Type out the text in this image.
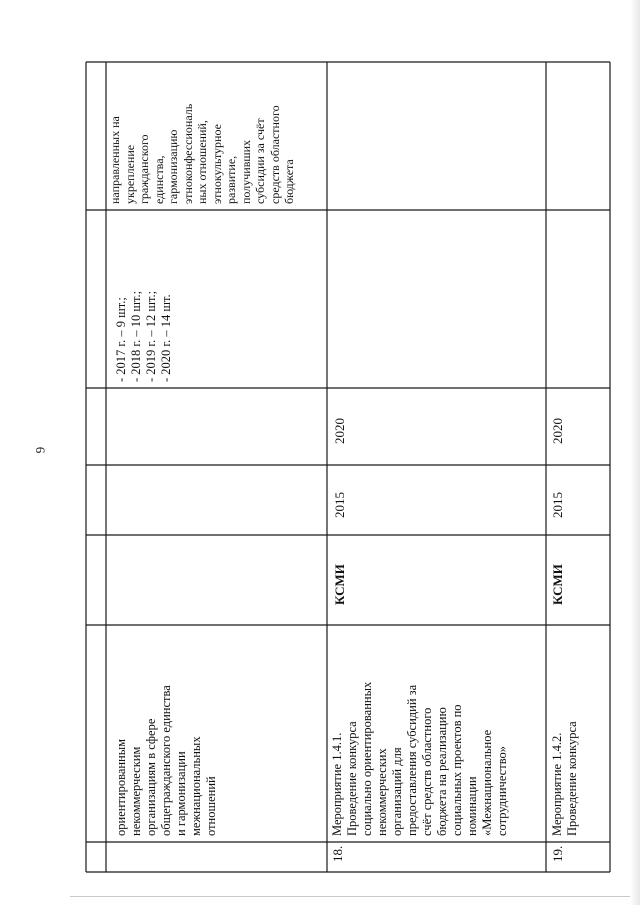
6
ориентированным некоммерческим организациям в сфере общегражданского единства и гармонизации межнациональных отношений
- 2017 г. – 9 шт.; - 2018 г. – 10 шт.; - 2019 г. – 12 шт.; - 2020 г. – 14 шт.
направленных на укрепление гражданского единства, гармонизацию этноконфессиональ ных отношений, этнокультурное развитие, получивших субсидии за счёт средств областного бюджета
18.
Мероприятие 1.4.1. Проведение конкурса социально ориентированных некоммерческих организаций для предоставления субсидий за счёт средств областного бюджета на реализацию социальных проектов по номинации «Межнациональное сотрудничество»
КСМИ
2015
2020
19.
Мероприятие 1.4.2. Проведение конкурса
КСМИ
2015
2020
